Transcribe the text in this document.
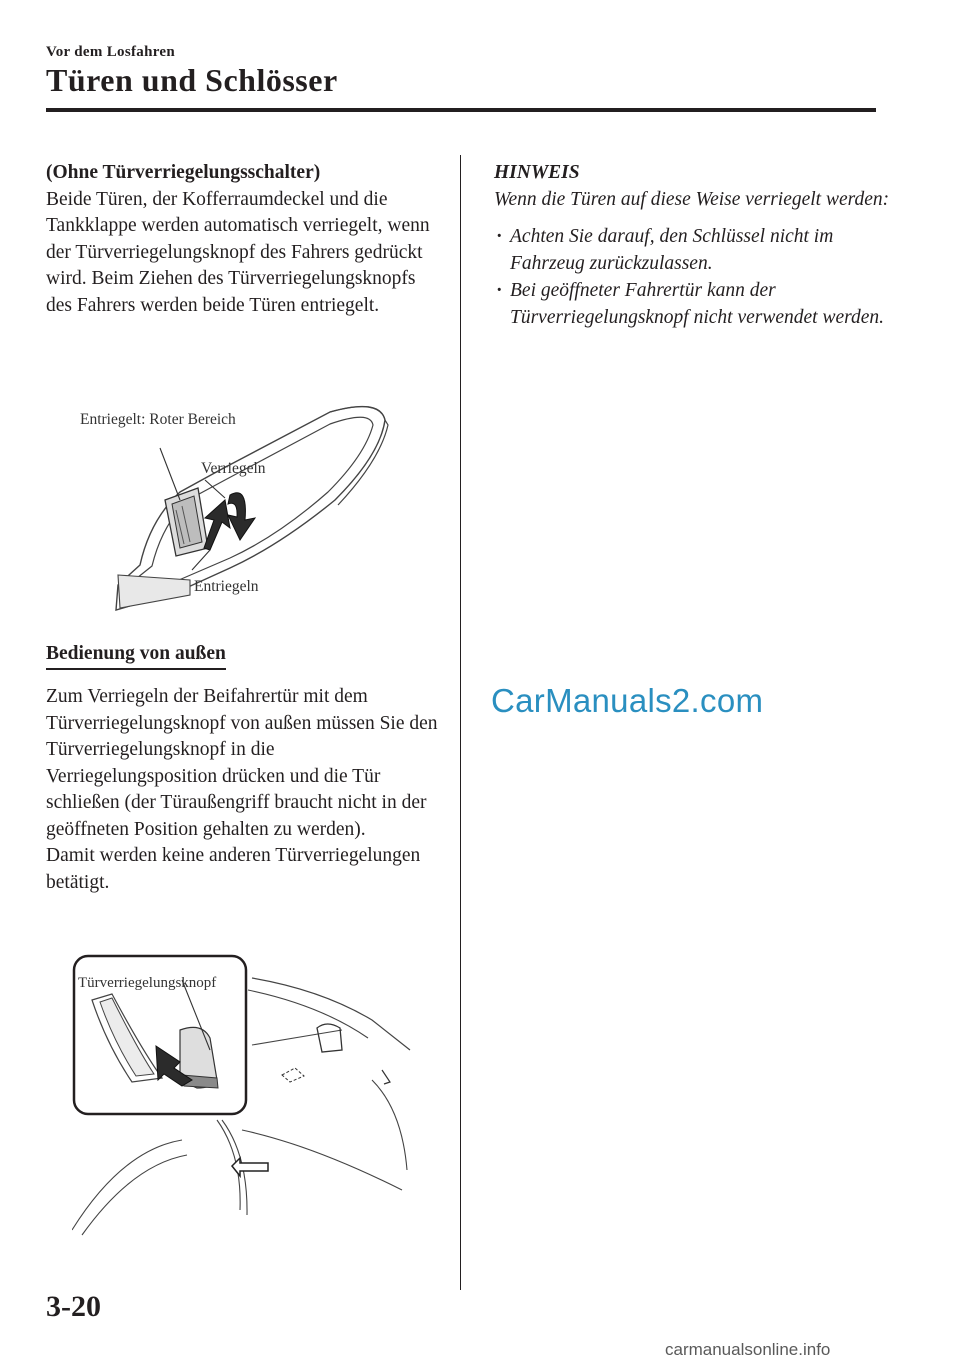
Vor dem Losfahren
Türen und Schlösser

(Ohne Türverriegelungsschalter)

Beide Türen, der Kofferraumdeckel und die Tankklappe werden automatisch verriegelt, wenn der Türverriegelungsknopf des Fahrers gedrückt wird. Beim Ziehen des Türverriegelungsknopfs des Fahrers werden beide Türen entriegelt.

Entriegelt: Roter Bereich
Verriegeln
Entriegeln
Bedienung von außen

Zum Verriegeln der Beifahrertür mit dem Türverriegelungsknopf von außen müssen Sie den Türverriegelungsknopf in die Verriegelungsposition drücken und die Tür schließen (der Türaußengriff braucht nicht in der geöffneten Position gehalten zu werden).

Damit werden keine anderen Türverriegelungen betätigt.

Türverriegelungsknopf

HINWEIS

Wenn die Türen auf diese Weise verriegelt werden:

· Achten Sie darauf, den Schlüssel nicht im Fahrzeug zurückzulassen.
· Bei geöffneter Fahrertür kann der Türverriegelungsknopf nicht verwendet werden.
CarManuals2.com
3-20
carmanualsonline.info
